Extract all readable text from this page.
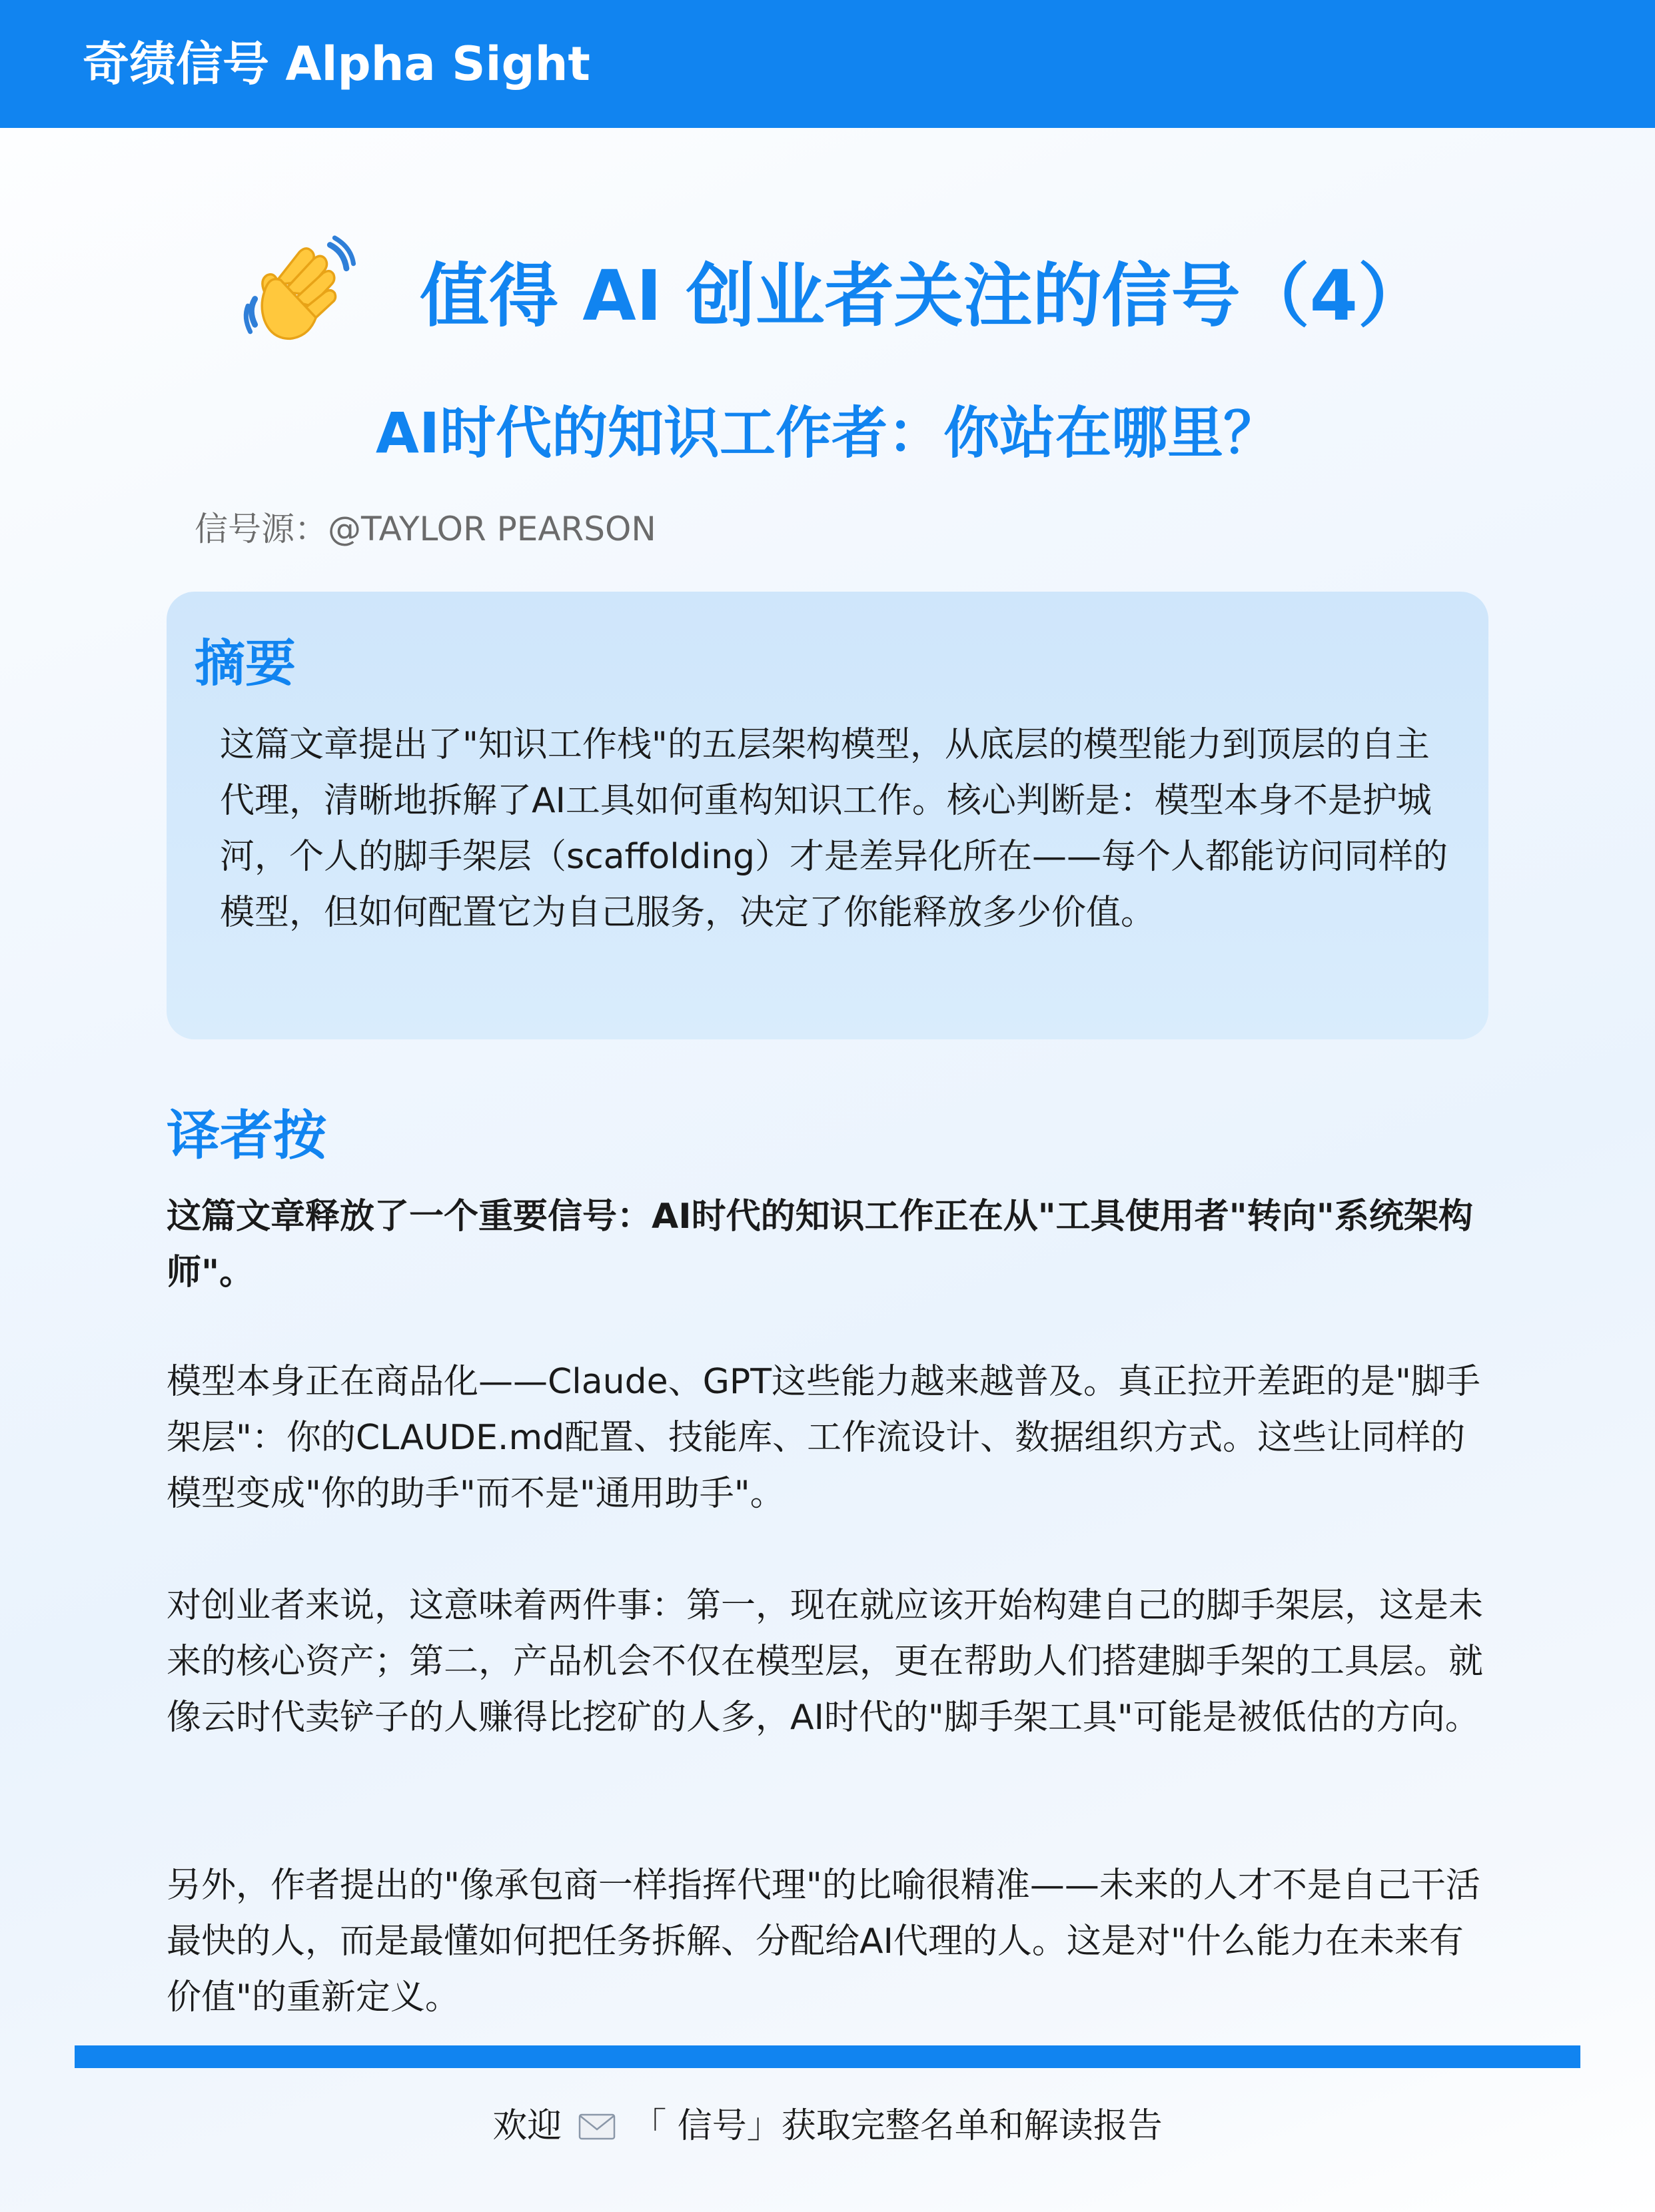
奇绩信号 Alpha Sight
值得 AI 创业者关注的信号（4）
AI时代的知识工作者：你站在哪里？
信号源：@TAYLOR PEARSON
摘要
这篇文章提出了"知识工作栈"的五层架构模型，从底层的模型能力到顶层的自主代理，清晰地拆解了AI工具如何重构知识工作。核心判断是：模型本身不是护城河，个人的脚手架层（scaffolding）才是差异化所在——每个人都能访问同样的模型，但如何配置它为自己服务，决定了你能释放多少价值。
译者按
这篇文章释放了一个重要信号：AI时代的知识工作正在从"工具使用者"转向"系统架构师"。
模型本身正在商品化——Claude、GPT这些能力越来越普及。真正拉开差距的是"脚手架层"：你的CLAUDE.md配置、技能库、工作流设计、数据组织方式。这些让同样的模型变成"你的助手"而不是"通用助手"。
对创业者来说，这意味着两件事：第一，现在就应该开始构建自己的脚手架层，这是未来的核心资产；第二，产品机会不仅在模型层，更在帮助人们搭建脚手架的工具层。就像云时代卖铲子的人赚得比挖矿的人多，AI时代的"脚手架工具"可能是被低估的方向。
另外，作者提出的"像承包商一样指挥代理"的比喻很精准——未来的人才不是自己干活最快的人，而是最懂如何把任务拆解、分配给AI代理的人。这是对"什么能力在未来有价值"的重新定义。
欢迎 「 信号」获取完整名单和解读报告
